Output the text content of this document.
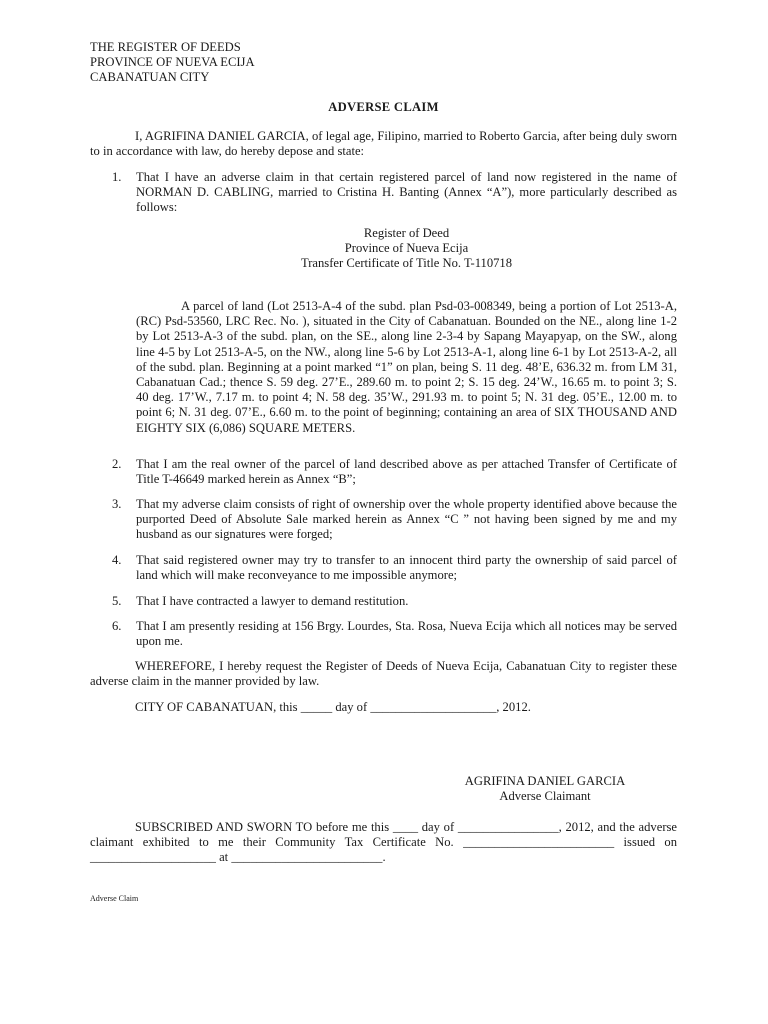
THE REGISTER OF DEEDS
PROVINCE OF NUEVA ECIJA
CABANATUAN CITY
ADVERSE CLAIM
I, AGRIFINA DANIEL GARCIA, of legal age, Filipino, married to Roberto Garcia, after being duly sworn to in accordance with law, do hereby depose and state:
1. That I have an adverse claim in that certain registered parcel of land now registered in the name of NORMAN D. CABLING, married to Cristina H. Banting (Annex “A”), more particularly described as follows:
Register of Deed
Province of Nueva Ecija
Transfer Certificate of Title No. T-110718
A parcel of land (Lot 2513-A-4 of the subd. plan Psd-03-008349, being a portion of Lot 2513-A, (RC) Psd-53560, LRC Rec. No. ), situated in the City of Cabanatuan. Bounded on the NE., along line 1-2 by Lot 2513-A-3 of the subd. plan, on the SE., along line 2-3-4 by Sapang Mayapyap, on the SW., along line 4-5 by Lot 2513-A-5, on the NW., along line 5-6 by Lot 2513-A-1, along line 6-1 by Lot 2513-A-2, all of the subd. plan. Beginning at a point marked “1” on plan, being S. 11 deg. 48’E, 636.32 m. from LM 31, Cabanatuan Cad.; thence S. 59 deg. 27’E., 289.60 m. to point 2; S. 15 deg. 24’W., 16.65 m. to point 3; S. 40 deg. 17’W., 7.17 m. to point 4; N. 58 deg. 35’W., 291.93 m. to point 5; N. 31 deg. 05’E., 12.00 m. to point 6; N. 31 deg. 07’E., 6.60 m. to the point of beginning; containing an area of SIX THOUSAND AND EIGHTY SIX (6,086) SQUARE METERS.
2. That I am the real owner of the parcel of land described above as per attached Transfer of Certificate of Title T-46649 marked herein as Annex “B”;
3. That my adverse claim consists of right of ownership over the whole property identified above because the purported Deed of Absolute Sale marked herein as Annex “C ” not having been signed by me and my husband as our signatures were forged;
4. That said registered owner may try to transfer to an innocent third party the ownership of said parcel of land which will make reconveyance to me impossible anymore;
5. That I have contracted a lawyer to demand restitution.
6. That I am presently residing at 156 Brgy. Lourdes, Sta. Rosa, Nueva Ecija which all notices may be served upon me.
WHEREFORE, I hereby request the Register of Deeds of Nueva Ecija, Cabanatuan City to register these adverse claim in the manner provided by law.
CITY OF CABANATUAN, this _____ day of ____________________, 2012.
AGRIFINA DANIEL GARCIA
Adverse Claimant
SUBSCRIBED AND SWORN TO before me this ____ day of ________________, 2012, and the adverse claimant exhibited to me their Community Tax Certificate No. ________________________ issued on ____________________ at ________________________.
Adverse Claim
